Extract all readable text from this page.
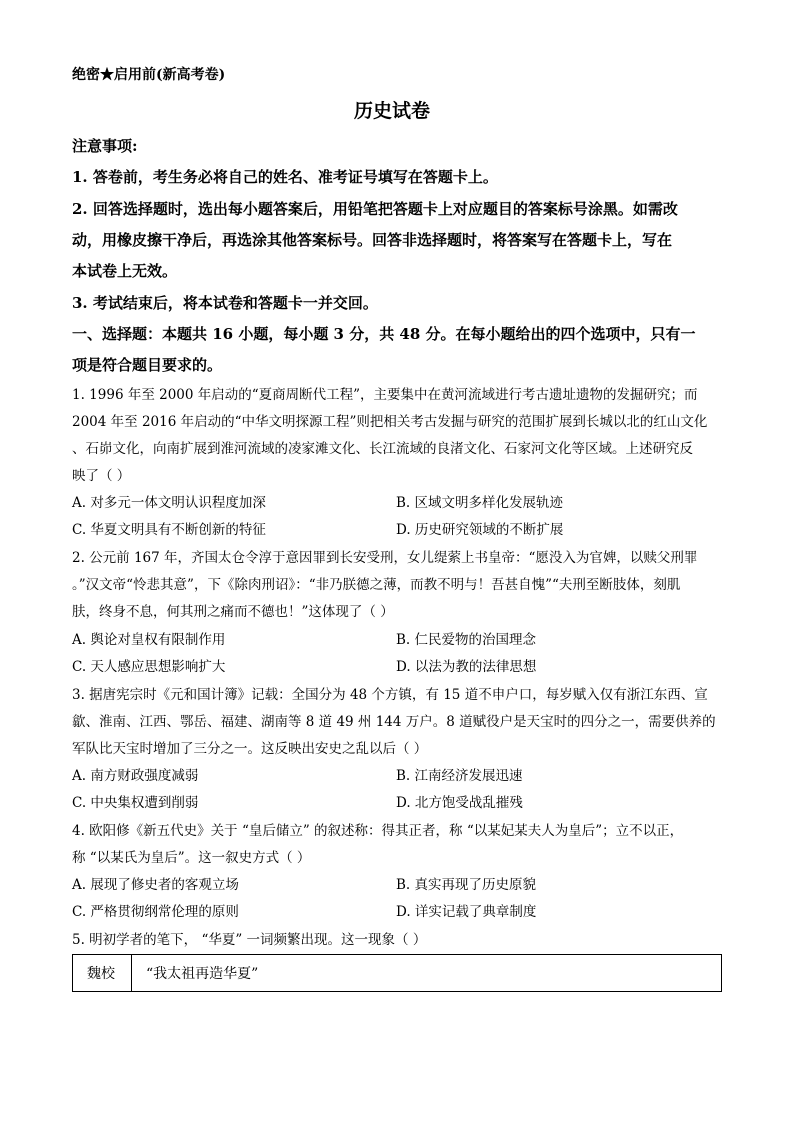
绝密★启用前(新高考卷)
历史试卷
注意事项:
1. 答卷前，考生务必将自己的姓名、准考证号填写在答题卡上。
2. 回答选择题时，选出每小题答案后，用铅笔把答题卡上对应题目的答案标号涂黑。如需改
动，用橡皮擦干净后，再选涂其他答案标号。回答非选择题时，将答案写在答题卡上，写在
本试卷上无效。
3. 考试结束后，将本试卷和答题卡一并交回。
一、选择题：本题共 16 小题，每小题 3 分，共 48 分。在每小题给出的四个选项中，只有一
项是符合题目要求的。
1. 1996 年至 2000 年启动的“夏商周断代工程”，主要集中在黄河流域进行考古遗址遗物的发掘研究；而
2004 年至 2016 年启动的“中华文明探源工程”则把相关考古发掘与研究的范围扩展到长城以北的红山文化
、石峁文化，向南扩展到淮河流域的凌家滩文化、长江流域的良渚文化、石家河文化等区域。上述研究反
映了（ ）
A. 对多元一体文明认识程度加深	B. 区域文明多样化发展轨迹
C. 华夏文明具有不断创新的特征	D. 历史研究领域的不断扩展
2. 公元前 167 年，齐国太仓令淳于意因罪到长安受刑，女儿缇萦上书皇帝：“愿没入为官婢，以赎父刑罪
。”汉文帝“怜悲其意”，下《除肉刑诏》：“非乃朕德之薄，而教不明与！吾甚自愧”“夫刑至断肢体，刻肌
肤，终身不息，何其刑之痛而不德也！”这体现了（ ）
A. 舆论对皇权有限制作用	B. 仁民爱物的治国理念
C. 天人感应思想影响扩大	D. 以法为教的法律思想
3. 据唐宪宗时《元和国计簿》记载：全国分为 48 个方镇，有 15 道不申户口，每岁赋入仅有浙江东西、宣
歙、淮南、江西、鄂岳、福建、湖南等 8 道 49 州 144 万户。8 道赋役户是天宝时的四分之一，需要供养的
军队比天宝时增加了三分之一。这反映出安史之乱以后（ ）
A. 南方财政强度减弱	B. 江南经济发展迅速
C. 中央集权遭到削弱	D. 北方饱受战乱摧残
4. 欧阳修《新五代史》关于 “皇后储立” 的叙述称：得其正者，称 “以某妃某夫人为皇后”；立不以正，
称 “以某氏为皇后”。这一叙史方式（ ）
A. 展现了修史者的客观立场	B. 真实再现了历史原貌
C. 严格贯彻纲常伦理的原则	D. 详实记载了典章制度
5. 明初学者的笔下， “华夏” 一词频繁出现。这一现象（ ）
魏校	“我太祖再造华夏”
